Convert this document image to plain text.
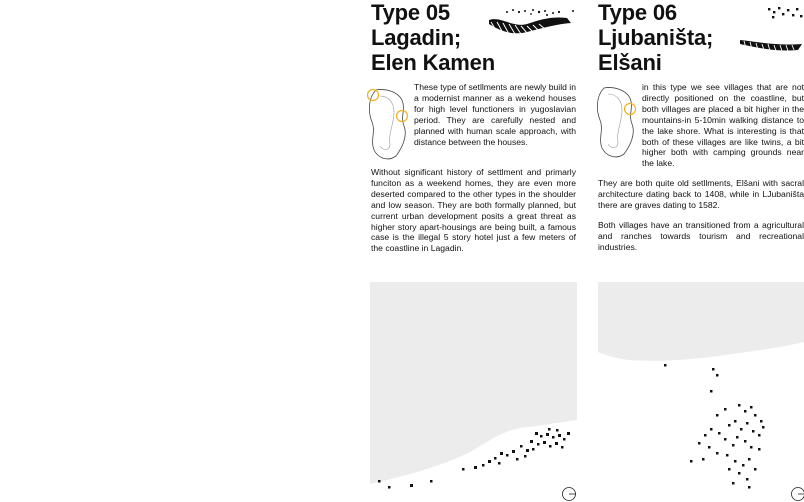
Type 05
Lagadin;
Elen Kamen

These type of setllments are newly build in a modernist manner as a wekend houses for high level functioners in yugoslavian period. They are carefully nested and planned with human scale approach, with distance between the houses.

Without significant history of settlment and primarly funciton as a weekend homes, they are even more deserted compared to the other types in the shoulder and low season. They are both formally planned, but current urban development posits a great threat as higher story apart-housings are being built, a famous case is the illegal 5 story hotel just a few meters of the coastline in Lagadin.

Type 06
Ljubaništa;
Elšani

in this type we see villages that are not directly positioned on the coastline, but both villages are placed a bit higher in the mountains-in 5-10min walking distance to the lake shore. What is interesting is that both of these villages are like twins, a bit higher both with camping grounds near the lake.

They are both quite old setllments, Elšani with sacral architecture dating back to 1408, while in LJubaništa there are graves dating to 1582.

Both villages have an transitioned from a agricultural and ranches towards tourism and recreational industries.
